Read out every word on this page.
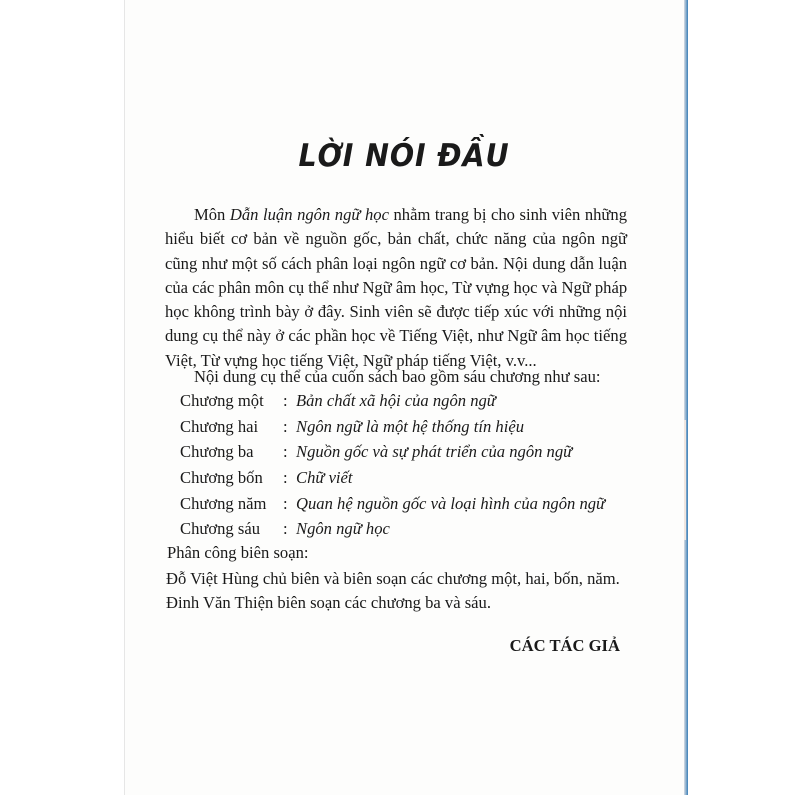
LỜI NÓI ĐẦU
Môn Dẫn luận ngôn ngữ học nhằm trang bị cho sinh viên những
hiểu biết cơ bản về nguồn gốc, bản chất, chức năng của ngôn ngữ
cũng như một số cách phân loại ngôn ngữ cơ bản. Nội dung dẫn luận
của các phân môn cụ thể như Ngữ âm học, Từ vựng học và Ngữ pháp
học không trình bày ở đây. Sinh viên sẽ được tiếp xúc với những nội
dung cụ thể này ở các phần học về Tiếng Việt, như Ngữ âm học tiếng
Việt, Từ vựng học tiếng Việt, Ngữ pháp tiếng Việt, v.v...
Nội dung cụ thể của cuốn sách bao gồm sáu chương như sau:
Chương một : Bản chất xã hội của ngôn ngữ
Chương hai : Ngôn ngữ là một hệ thống tín hiệu
Chương ba : Nguồn gốc và sự phát triển của ngôn ngữ
Chương bốn : Chữ viết
Chương năm : Quan hệ nguồn gốc và loại hình của ngôn ngữ
Chương sáu : Ngôn ngữ học
Phân công biên soạn:
Đỗ Việt Hùng chủ biên và biên soạn các chương một, hai, bốn, năm.
Đinh Văn Thiện biên soạn các chương ba và sáu.
CÁC TÁC GIẢ
